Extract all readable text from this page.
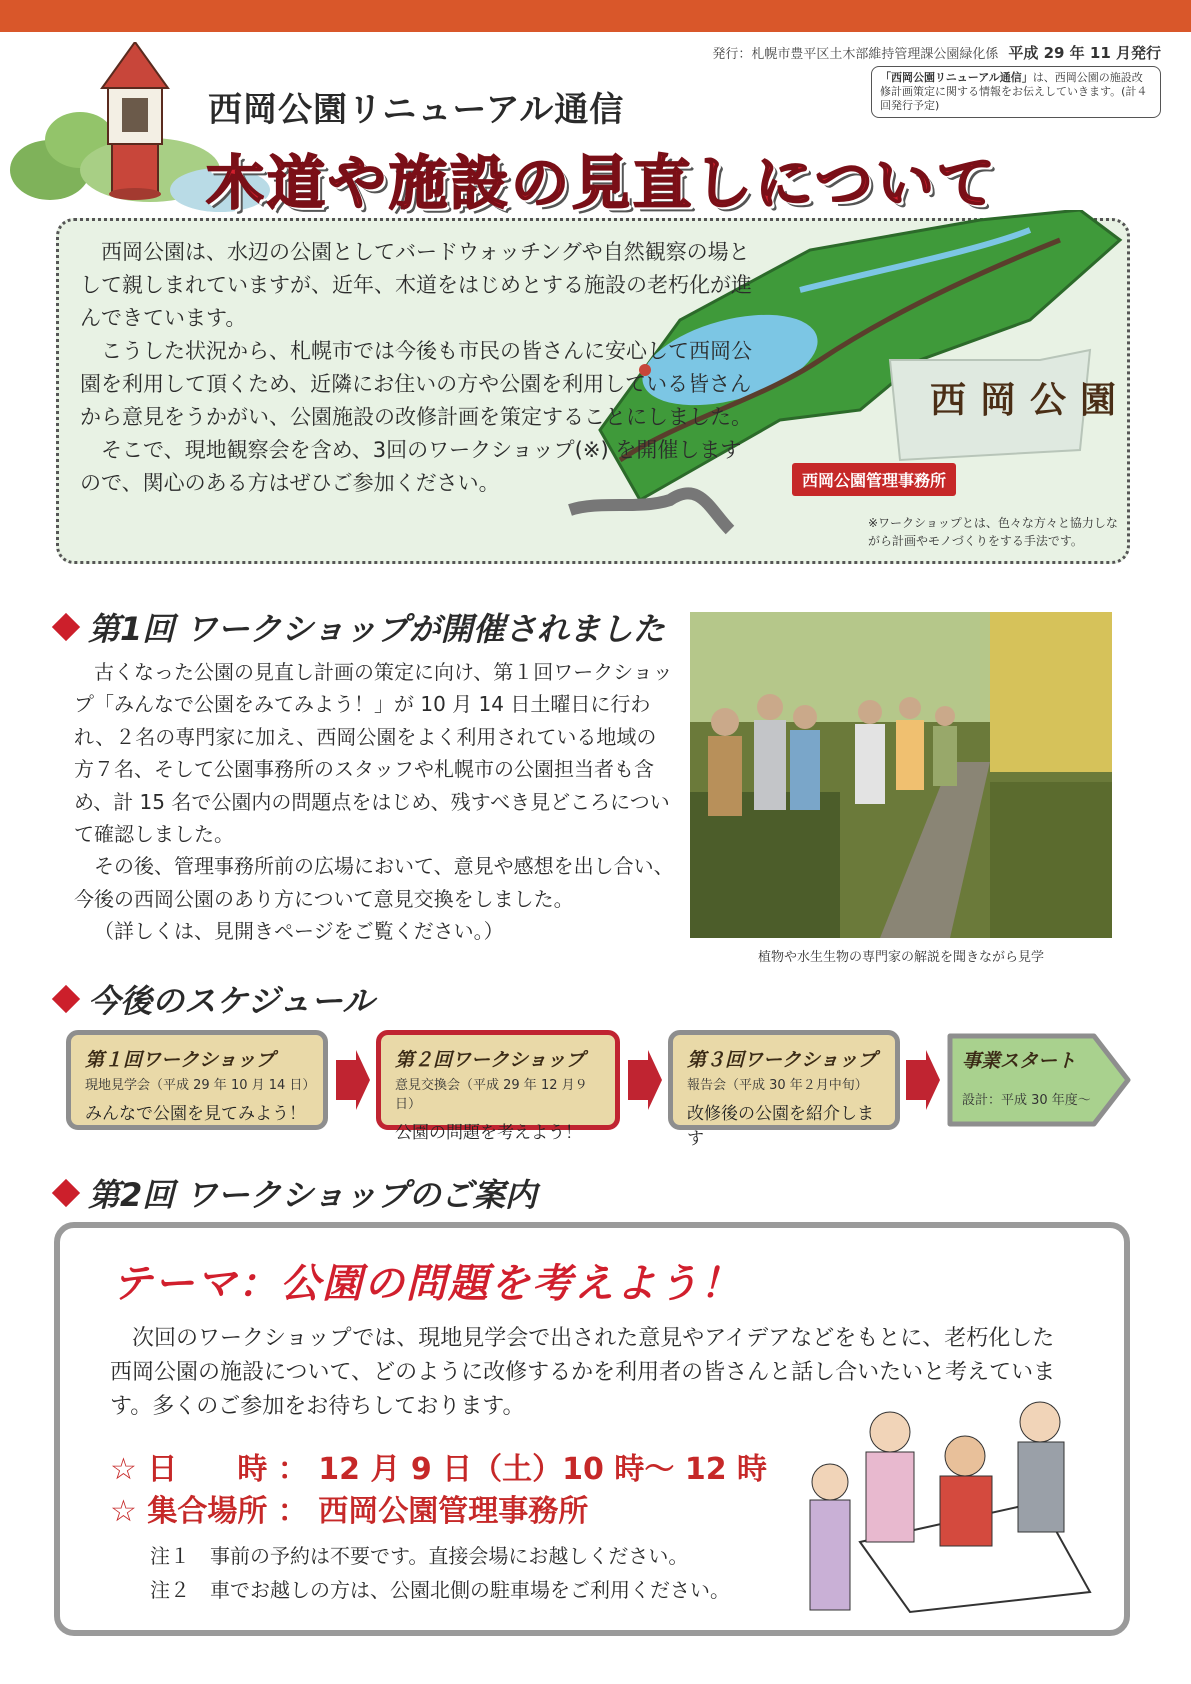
発行：札幌市豊平区土木部維持管理課公園緑化係 平成 29 年 11 月発行
「西岡公園リニューアル通信」は、西岡公園の施設改修計画策定に関する情報をお伝えしていきます。(計４回発行予定)
西岡公園リニューアル通信
木道や施設の見直しについて

西岡公園は、水辺の公園としてバードウォッチングや自然観察の場として親しまれていますが、近年、木道をはじめとする施設の老朽化が進んできています。

こうした状況から、札幌市では今後も市民の皆さんに安心して西岡公園を利用して頂くため、近隣にお住いの方や公園を利用している皆さんから意見をうかがい、公園施設の改修計画を策定することにしました。

そこで、現地観察会を含め、3回のワークショップ(※) を開催しますので、関心のある方はぜひご参加ください。

西岡公園
西岡公園管理事務所
※ワークショップとは、色々な方々と協力しながら計画やモノづくりをする手法です。
第1回 ワークショップが開催されました

古くなった公園の見直し計画の策定に向け、第１回ワークショップ「みんなで公園をみてみよう！」が 10 月 14 日土曜日に行われ、２名の専門家に加え、西岡公園をよく利用されている地域の方７名、そして公園事務所のスタッフや札幌市の公園担当者も含め、計 15 名で公園内の問題点をはじめ、残すべき見どころについて確認しました。

その後、管理事務所前の広場において、意見や感想を出し合い、今後の西岡公園のあり方について意見交換をしました。

（詳しくは、見開きページをご覧ください。）

植物や水生生物の専門家の解説を聞きながら見学
今後のスケジュール
第１回ワークショップ
現地見学会（平成 29 年 10 月 14 日）
みんなで公園を見てみよう！
第２回ワークショップ
意見交換会（平成 29 年 12 月９日）
公園の問題を考えよう！
第３回ワークショップ
報告会（平成 30 年２月中旬）
改修後の公園を紹介します
事業スタート
設計：平成 30 年度〜
第2回 ワークショップのご案内
テーマ：公園の問題を考えよう！

次回のワークショップでは、現地見学会で出された意見やアイデアなどをもとに、老朽化した西岡公園の施設について、どのように改修するかを利用者の皆さんと話し合いたいと考えています。多くのご参加をお待ちしております。

☆ 日　　時 ： 12 月 9 日（土）10 時〜 12 時
☆ 集合場所 ： 西岡公園管理事務所
注１　事前の予約は不要です。直接会場にお越しください。
注２　車でお越しの方は、公園北側の駐車場をご利用ください。
